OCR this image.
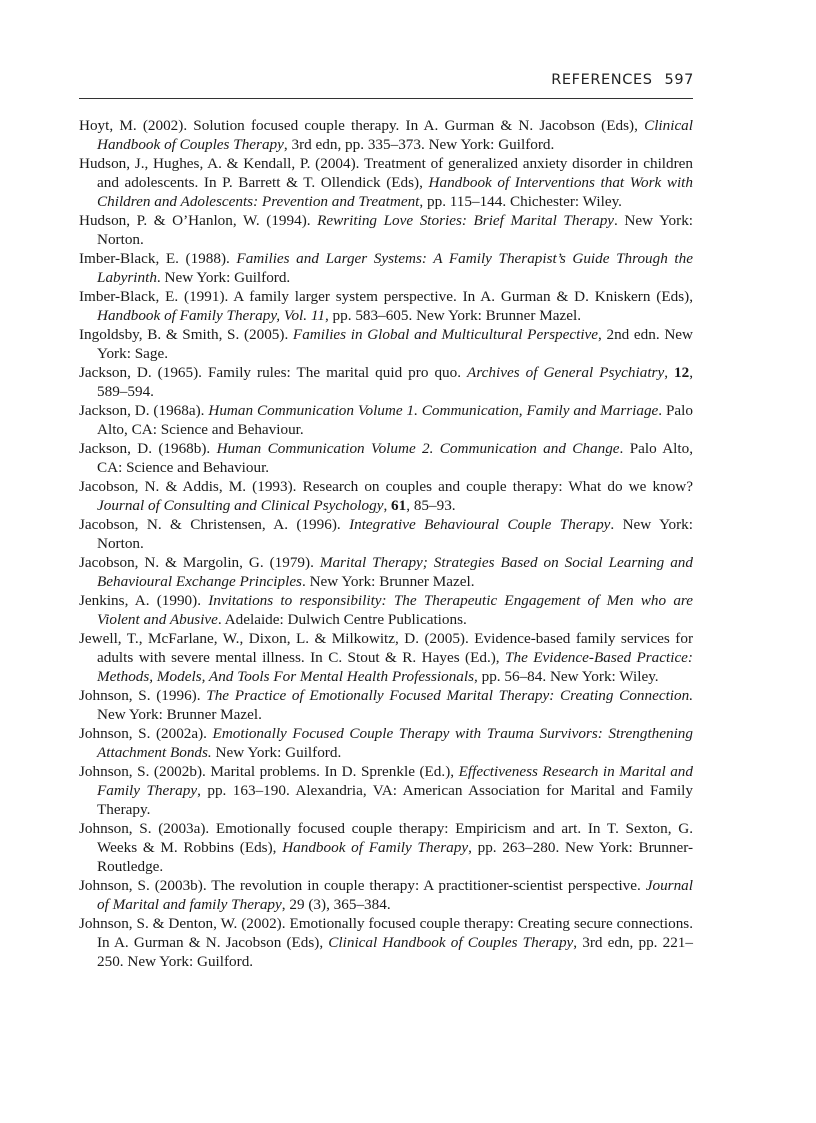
REFERENCES 597

Hoyt, M. (2002). Solution focused couple therapy. In A. Gurman & N. Jacobson (Eds), Clinical Handbook of Couples Therapy, 3rd edn, pp. 335–373. New York: Guilford.

Hudson, J., Hughes, A. & Kendall, P. (2004). Treatment of generalized anxiety disorder in children and adolescents. In P. Barrett & T. Ollendick (Eds), Handbook of Interventions that Work with Children and Adolescents: Prevention and Treatment, pp. 115–144. Chichester: Wiley.

Hudson, P. & O’Hanlon, W. (1994). Rewriting Love Stories: Brief Marital Therapy. New York: Norton.

Imber-Black, E. (1988). Families and Larger Systems: A Family Therapist’s Guide Through the Labyrinth. New York: Guilford.

Imber-Black, E. (1991). A family larger system perspective. In A. Gurman & D. Kniskern (Eds), Handbook of Family Therapy, Vol. 11, pp. 583–605. New York: Brunner Mazel.

Ingoldsby, B. & Smith, S. (2005). Families in Global and Multicultural Perspective, 2nd edn. New York: Sage.

Jackson, D. (1965). Family rules: The marital quid pro quo. Archives of General Psychiatry, 12, 589–594.

Jackson, D. (1968a). Human Communication Volume 1. Communication, Family and Marriage. Palo Alto, CA: Science and Behaviour.

Jackson, D. (1968b). Human Communication Volume 2. Communication and Change. Palo Alto, CA: Science and Behaviour.

Jacobson, N. & Addis, M. (1993). Research on couples and couple therapy: What do we know? Journal of Consulting and Clinical Psychology, 61, 85–93.

Jacobson, N. & Christensen, A. (1996). Integrative Behavioural Couple Therapy. New York: Norton.

Jacobson, N. & Margolin, G. (1979). Marital Therapy; Strategies Based on Social Learning and Behavioural Exchange Principles. New York: Brunner Mazel.

Jenkins, A. (1990). Invitations to responsibility: The Therapeutic Engagement of Men who are Violent and Abusive. Adelaide: Dulwich Centre Publications.

Jewell, T., McFarlane, W., Dixon, L. & Milkowitz, D. (2005). Evidence-based family services for adults with severe mental illness. In C. Stout & R. Hayes (Ed.), The Evidence-Based Practice: Methods, Models, And Tools For Mental Health Professionals, pp. 56–84. New York: Wiley.

Johnson, S. (1996). The Practice of Emotionally Focused Marital Therapy: Creating Connection. New York: Brunner Mazel.

Johnson, S. (2002a). Emotionally Focused Couple Therapy with Trauma Survivors: Strengthening Attachment Bonds. New York: Guilford.

Johnson, S. (2002b). Marital problems. In D. Sprenkle (Ed.), Effectiveness Research in Marital and Family Therapy, pp. 163–190. Alexandria, VA: American Association for Marital and Family Therapy.

Johnson, S. (2003a). Emotionally focused couple therapy: Empiricism and art. In T. Sexton, G. Weeks & M. Robbins (Eds), Handbook of Family Therapy, pp. 263–280. New York: Brunner-Routledge.

Johnson, S. (2003b). The revolution in couple therapy: A practitioner-scientist perspective. Journal of Marital and family Therapy, 29 (3), 365–384.

Johnson, S. & Denton, W. (2002). Emotionally focused couple therapy: Creating secure connections. In A. Gurman & N. Jacobson (Eds), Clinical Handbook of Couples Therapy, 3rd edn, pp. 221–250. New York: Guilford.
